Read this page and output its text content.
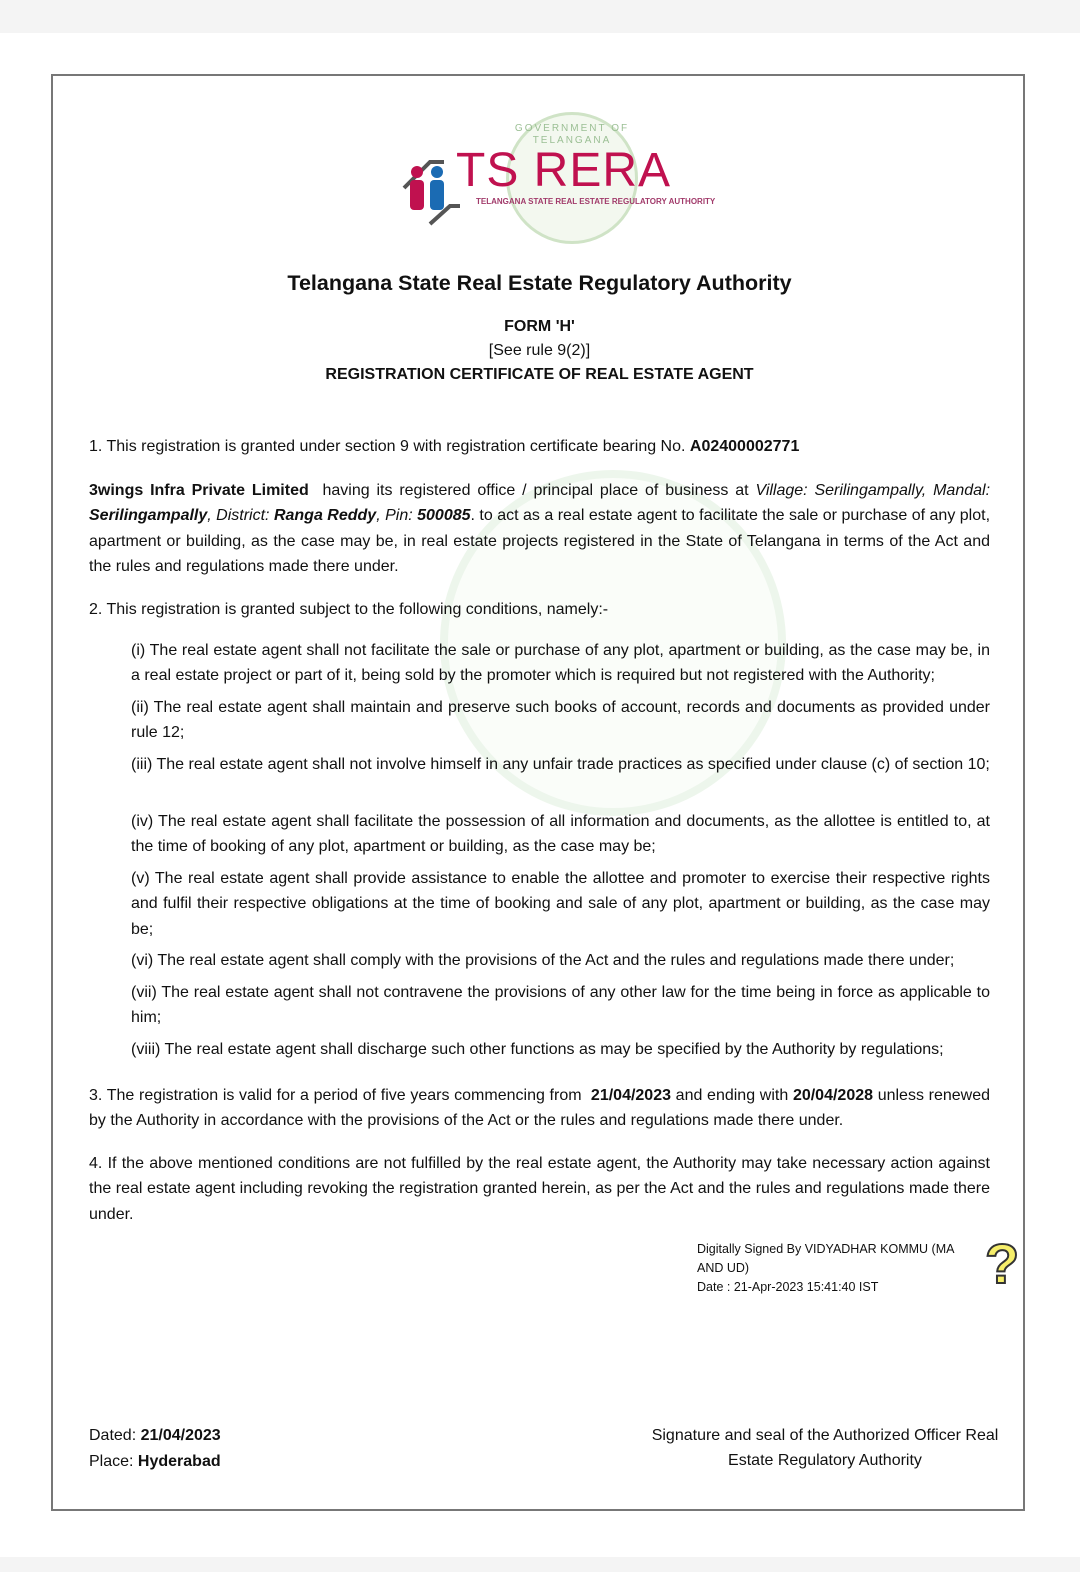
GOVERNMENT OF TELANGANA
TS RERA
TELANGANA STATE REAL ESTATE REGULATORY AUTHORITY
Telangana State Real Estate Regulatory Authority
FORM 'H'
[See rule 9(2)]
REGISTRATION CERTIFICATE OF REAL ESTATE AGENT

1. This registration is granted under section 9 with registration certificate bearing No. A02400002771

3wings Infra Private Limited  having its registered office / principal place of business at Village: Serilingampally, Mandal: Serilingampally, District: Ranga Reddy, Pin: 500085. to act as a real estate agent to facilitate the sale or purchase of any plot, apartment or building, as the case may be, in real estate projects registered in the State of Telangana in terms of the Act and the rules and regulations made there under.

2. This registration is granted subject to the following conditions, namely:-

(i) The real estate agent shall not facilitate the sale or purchase of any plot, apartment or building, as the case may be, in a real estate project or part of it, being sold by the promoter which is required but not registered with the Authority;

(ii) The real estate agent shall maintain and preserve such books of account, records and documents as provided under rule 12;

(iii) The real estate agent shall not involve himself in any unfair trade practices as specified under clause (c) of section 10;

(iv) The real estate agent shall facilitate the possession of all information and documents, as the allottee is entitled to, at the time of booking of any plot, apartment or building, as the case may be;

(v) The real estate agent shall provide assistance to enable the allottee and promoter to exercise their respective rights and fulfil their respective obligations at the time of booking and sale of any plot, apartment or building, as the case may be;

(vi) The real estate agent shall comply with the provisions of the Act and the rules and regulations made there under;

(vii) The real estate agent shall not contravene the provisions of any other law for the time being in force as applicable to him;

(viii) The real estate agent shall discharge such other functions as may be specified by the Authority by regulations;

3. The registration is valid for a period of five years commencing from  21/04/2023 and ending with 20/04/2028 unless renewed by the Authority in accordance with the provisions of the Act or the rules and regulations made there under.

4. If the above mentioned conditions are not fulfilled by the real estate agent, the Authority may take necessary action against the real estate agent including revoking the registration granted herein, as per the Act and the rules and regulations made there under.

Digitally Signed By VIDYADHAR KOMMU (MA
AND UD)
Date : 21-Apr-2023 15:41:40 IST	?
Dated: 21/04/2023
Place: Hyderabad
Signature and seal of the Authorized Officer Real Estate Regulatory Authority
